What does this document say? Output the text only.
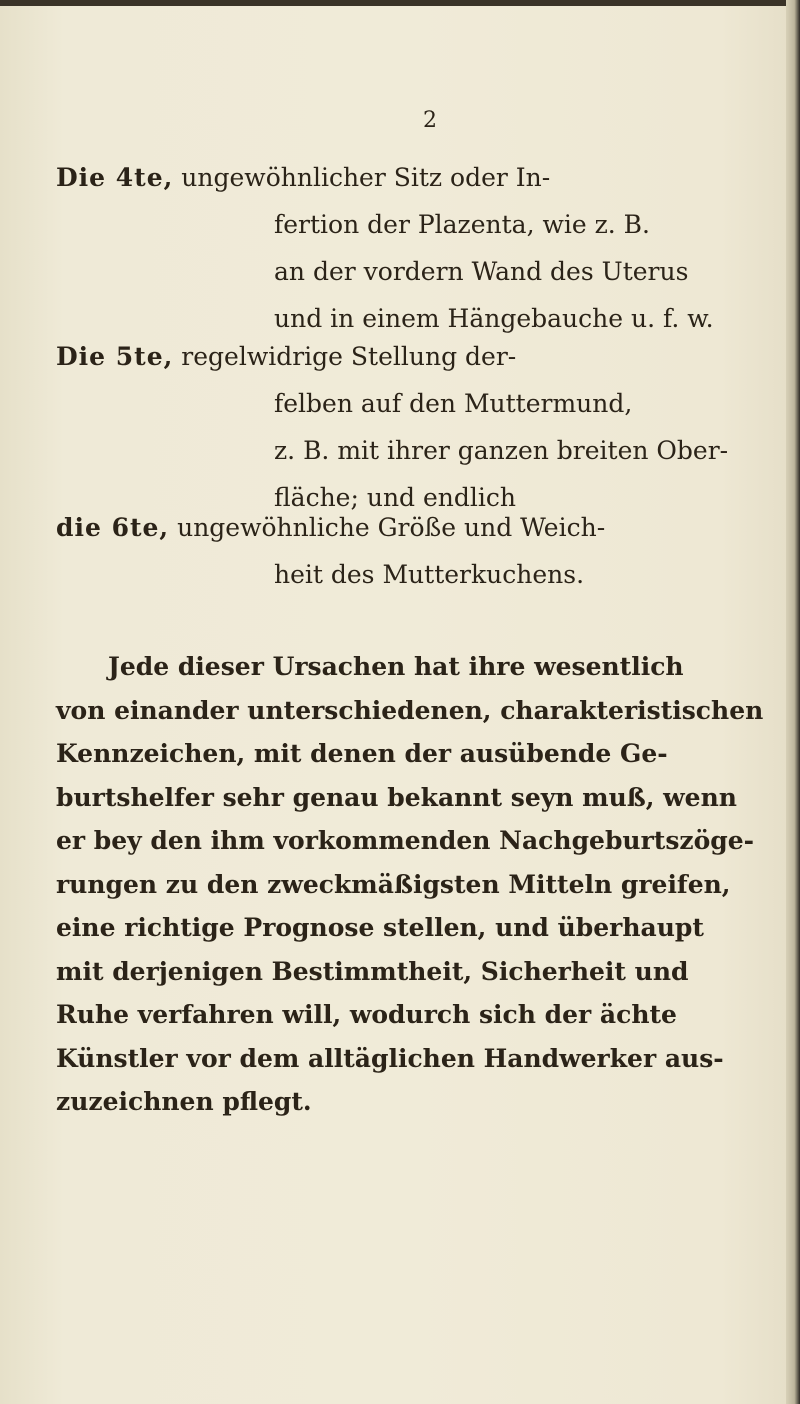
2
Die 4te, ungewöhnlicher Sitz oder In-
fertion der Plazenta, wie z. B.
an der vordern Wand des Uterus
und in einem Hängebauche u. f. w.
Die 5te, regelwidrige Stellung der-
felben auf den Muttermund,
z. B. mit ihrer ganzen breiten Ober-
fläche; und endlich
die 6te, ungewöhnliche Größe und Weich-
heit des Mutterkuchens.
Jede dieser Ursachen hat ihre wesentlich
von einander unterschiedenen, charakteristischen
Kennzeichen, mit denen der ausübende Ge-
burtshelfer sehr genau bekannt seyn muß, wenn
er bey den ihm vorkommenden Nachgeburtszöge-
rungen zu den zweckmäßigsten Mitteln greifen,
eine richtige Prognose stellen, und überhaupt
mit derjenigen Bestimmtheit, Sicherheit und
Ruhe verfahren will, wodurch sich der ächte
Künstler vor dem alltäglichen Handwerker aus-
zuzeichnen pflegt.
